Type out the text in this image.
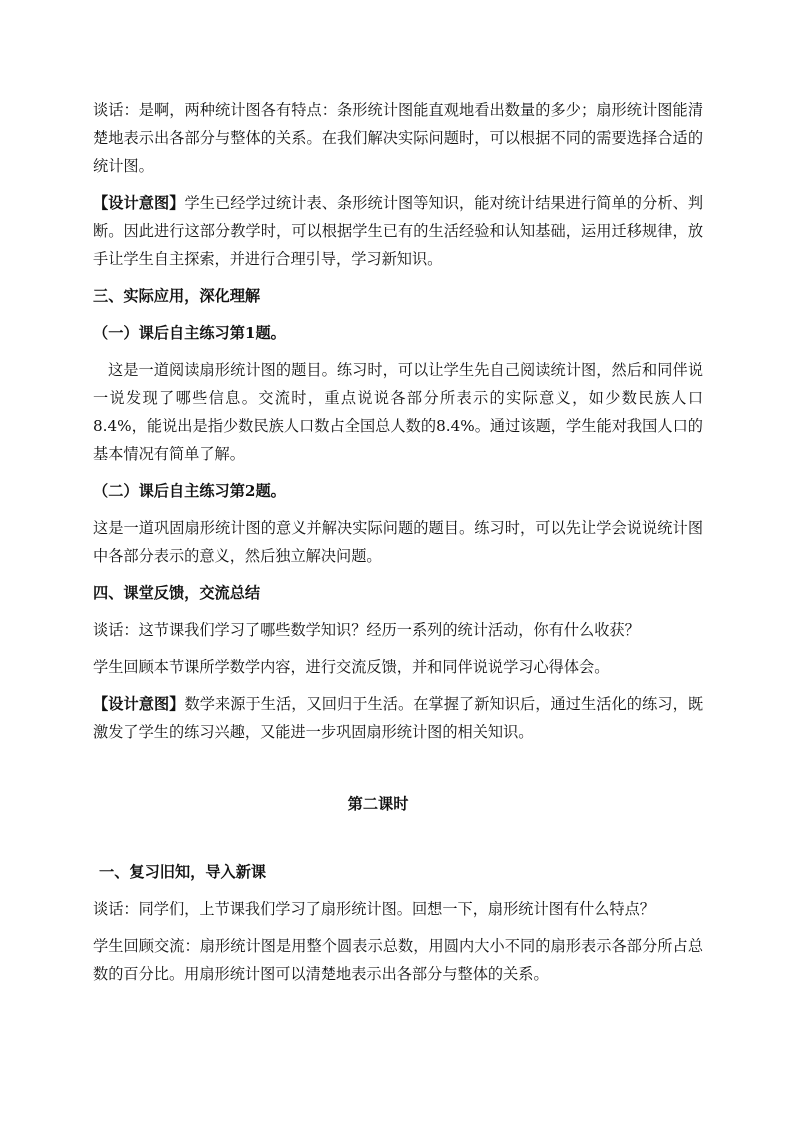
谈话：是啊，两种统计图各有特点：条形统计图能直观地看出数量的多少；扇形统计图能清楚地表示出各部分与整体的关系。在我们解决实际问题时，可以根据不同的需要选择合适的统计图。

【设计意图】学生已经学过统计表、条形统计图等知识，能对统计结果进行简单的分析、判断。因此进行这部分教学时，可以根据学生已有的生活经验和认知基础，运用迁移规律，放手让学生自主探索，并进行合理引导，学习新知识。

三、实际应用，深化理解

（一）课后自主练习第1题。

这是一道阅读扇形统计图的题目。练习时，可以让学生先自己阅读统计图，然后和同伴说一说发现了哪些信息。交流时，重点说说各部分所表示的实际意义，如少数民族人口8.4%，能说出是指少数民族人口数占全国总人数的8.4%。通过该题，学生能对我国人口的基本情况有简单了解。

（二）课后自主练习第2题。

这是一道巩固扇形统计图的意义并解决实际问题的题目。练习时，可以先让学会说说统计图中各部分表示的意义，然后独立解决问题。

四、课堂反馈，交流总结

谈话：这节课我们学习了哪些数学知识？经历一系列的统计活动，你有什么收获？

学生回顾本节课所学数学内容，进行交流反馈，并和同伴说说学习心得体会。

【设计意图】数学来源于生活，又回归于生活。在掌握了新知识后，通过生活化的练习，既激发了学生的练习兴趣，又能进一步巩固扇形统计图的相关知识。

第二课时

一、复习旧知，导入新课

谈话：同学们，上节课我们学习了扇形统计图。回想一下，扇形统计图有什么特点？

学生回顾交流：扇形统计图是用整个圆表示总数，用圆内大小不同的扇形表示各部分所占总数的百分比。用扇形统计图可以清楚地表示出各部分与整体的关系。
